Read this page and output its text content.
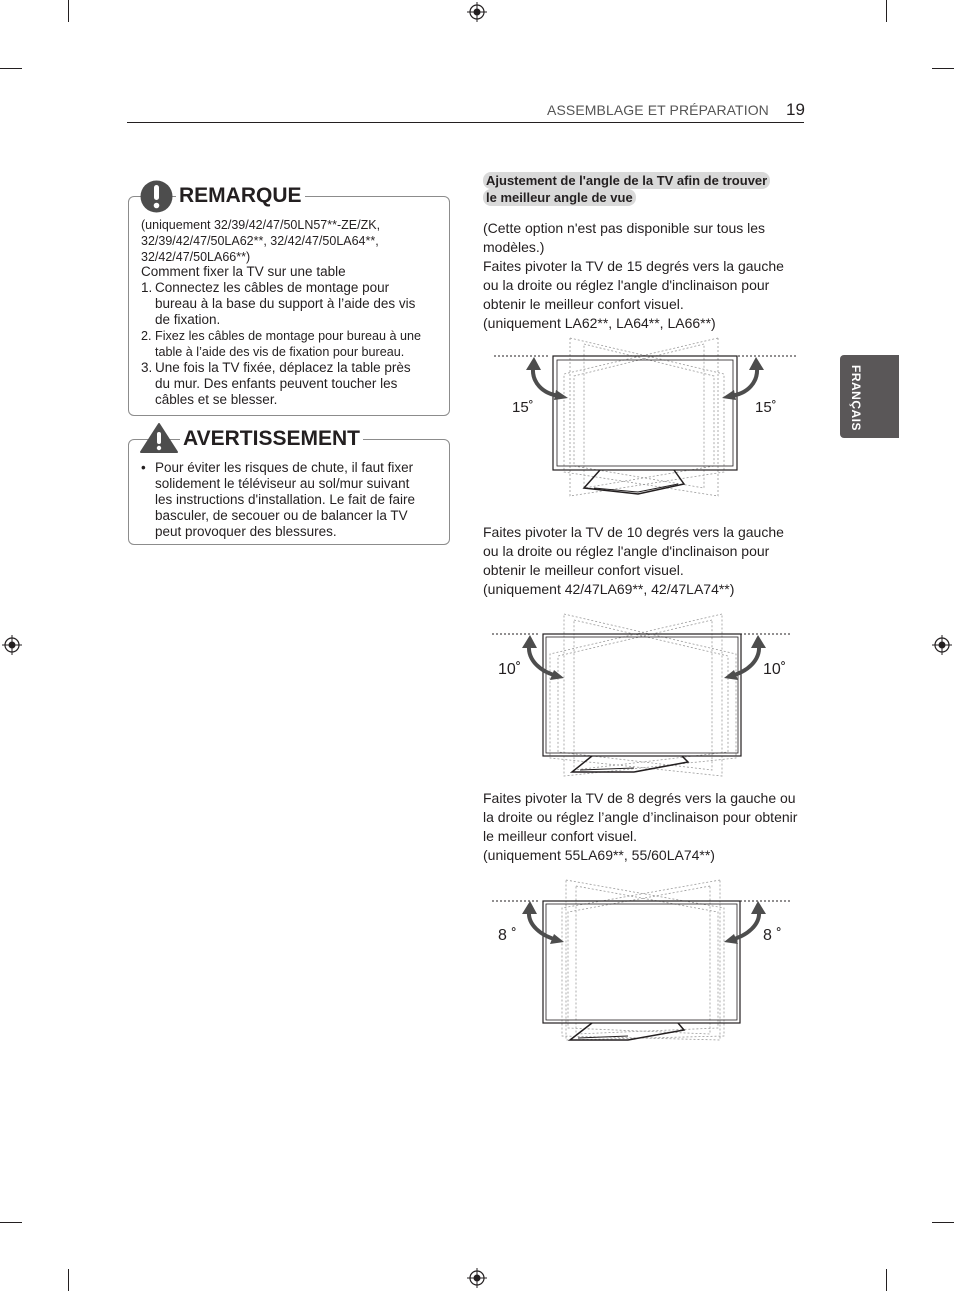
ASSEMBLAGE ET PRÉPARATION 19
FRANÇAIS
REMARQUE
(uniquement 32/39/42/47/50LN57**-ZE/ZK,
32/39/42/47/50LA62**, 32/42/47/50LA64**,
32/42/47/50LA66**)
Comment fixer la TV sur une table
1. Connectez les câbles de montage pour
bureau à la base du support à l’aide des vis
de fixation.
2. Fixez les câbles de montage pour bureau à une
table à l’aide des vis de fixation pour bureau.
3. Une fois la TV fixée, déplacez la table près
du mur. Des enfants peuvent toucher les
câbles et se blesser.
AVERTISSEMENT
• Pour éviter les risques de chute, il faut fixer
solidement le téléviseur au sol/mur suivant
les instructions d'installation. Le fait de faire
basculer, de secouer ou de balancer la TV
peut provoquer des blessures.
Ajustement de l'angle de la TV afin de trouver
le meilleur angle de vue
(Cette option n'est pas disponible sur tous les
modèles.)
Faites pivoter la TV de 15 degrés vers la gauche
ou la droite ou réglez l'angle d'inclinaison pour
obtenir le meilleur confort visuel.
(uniquement LA62**, LA64**, LA66**)
15˚	15˚
Faites pivoter la TV de 10 degrés vers la gauche
ou la droite ou réglez l'angle d'inclinaison pour
obtenir le meilleur confort visuel.
(uniquement 42/47LA69**, 42/47LA74**)
10˚	10˚
Faites pivoter la TV de 8 degrés vers la gauche ou
la droite ou réglez l’angle d’inclinaison pour obtenir
le meilleur confort visuel.
(uniquement 55LA69**, 55/60LA74**)
8 ˚	8 ˚
